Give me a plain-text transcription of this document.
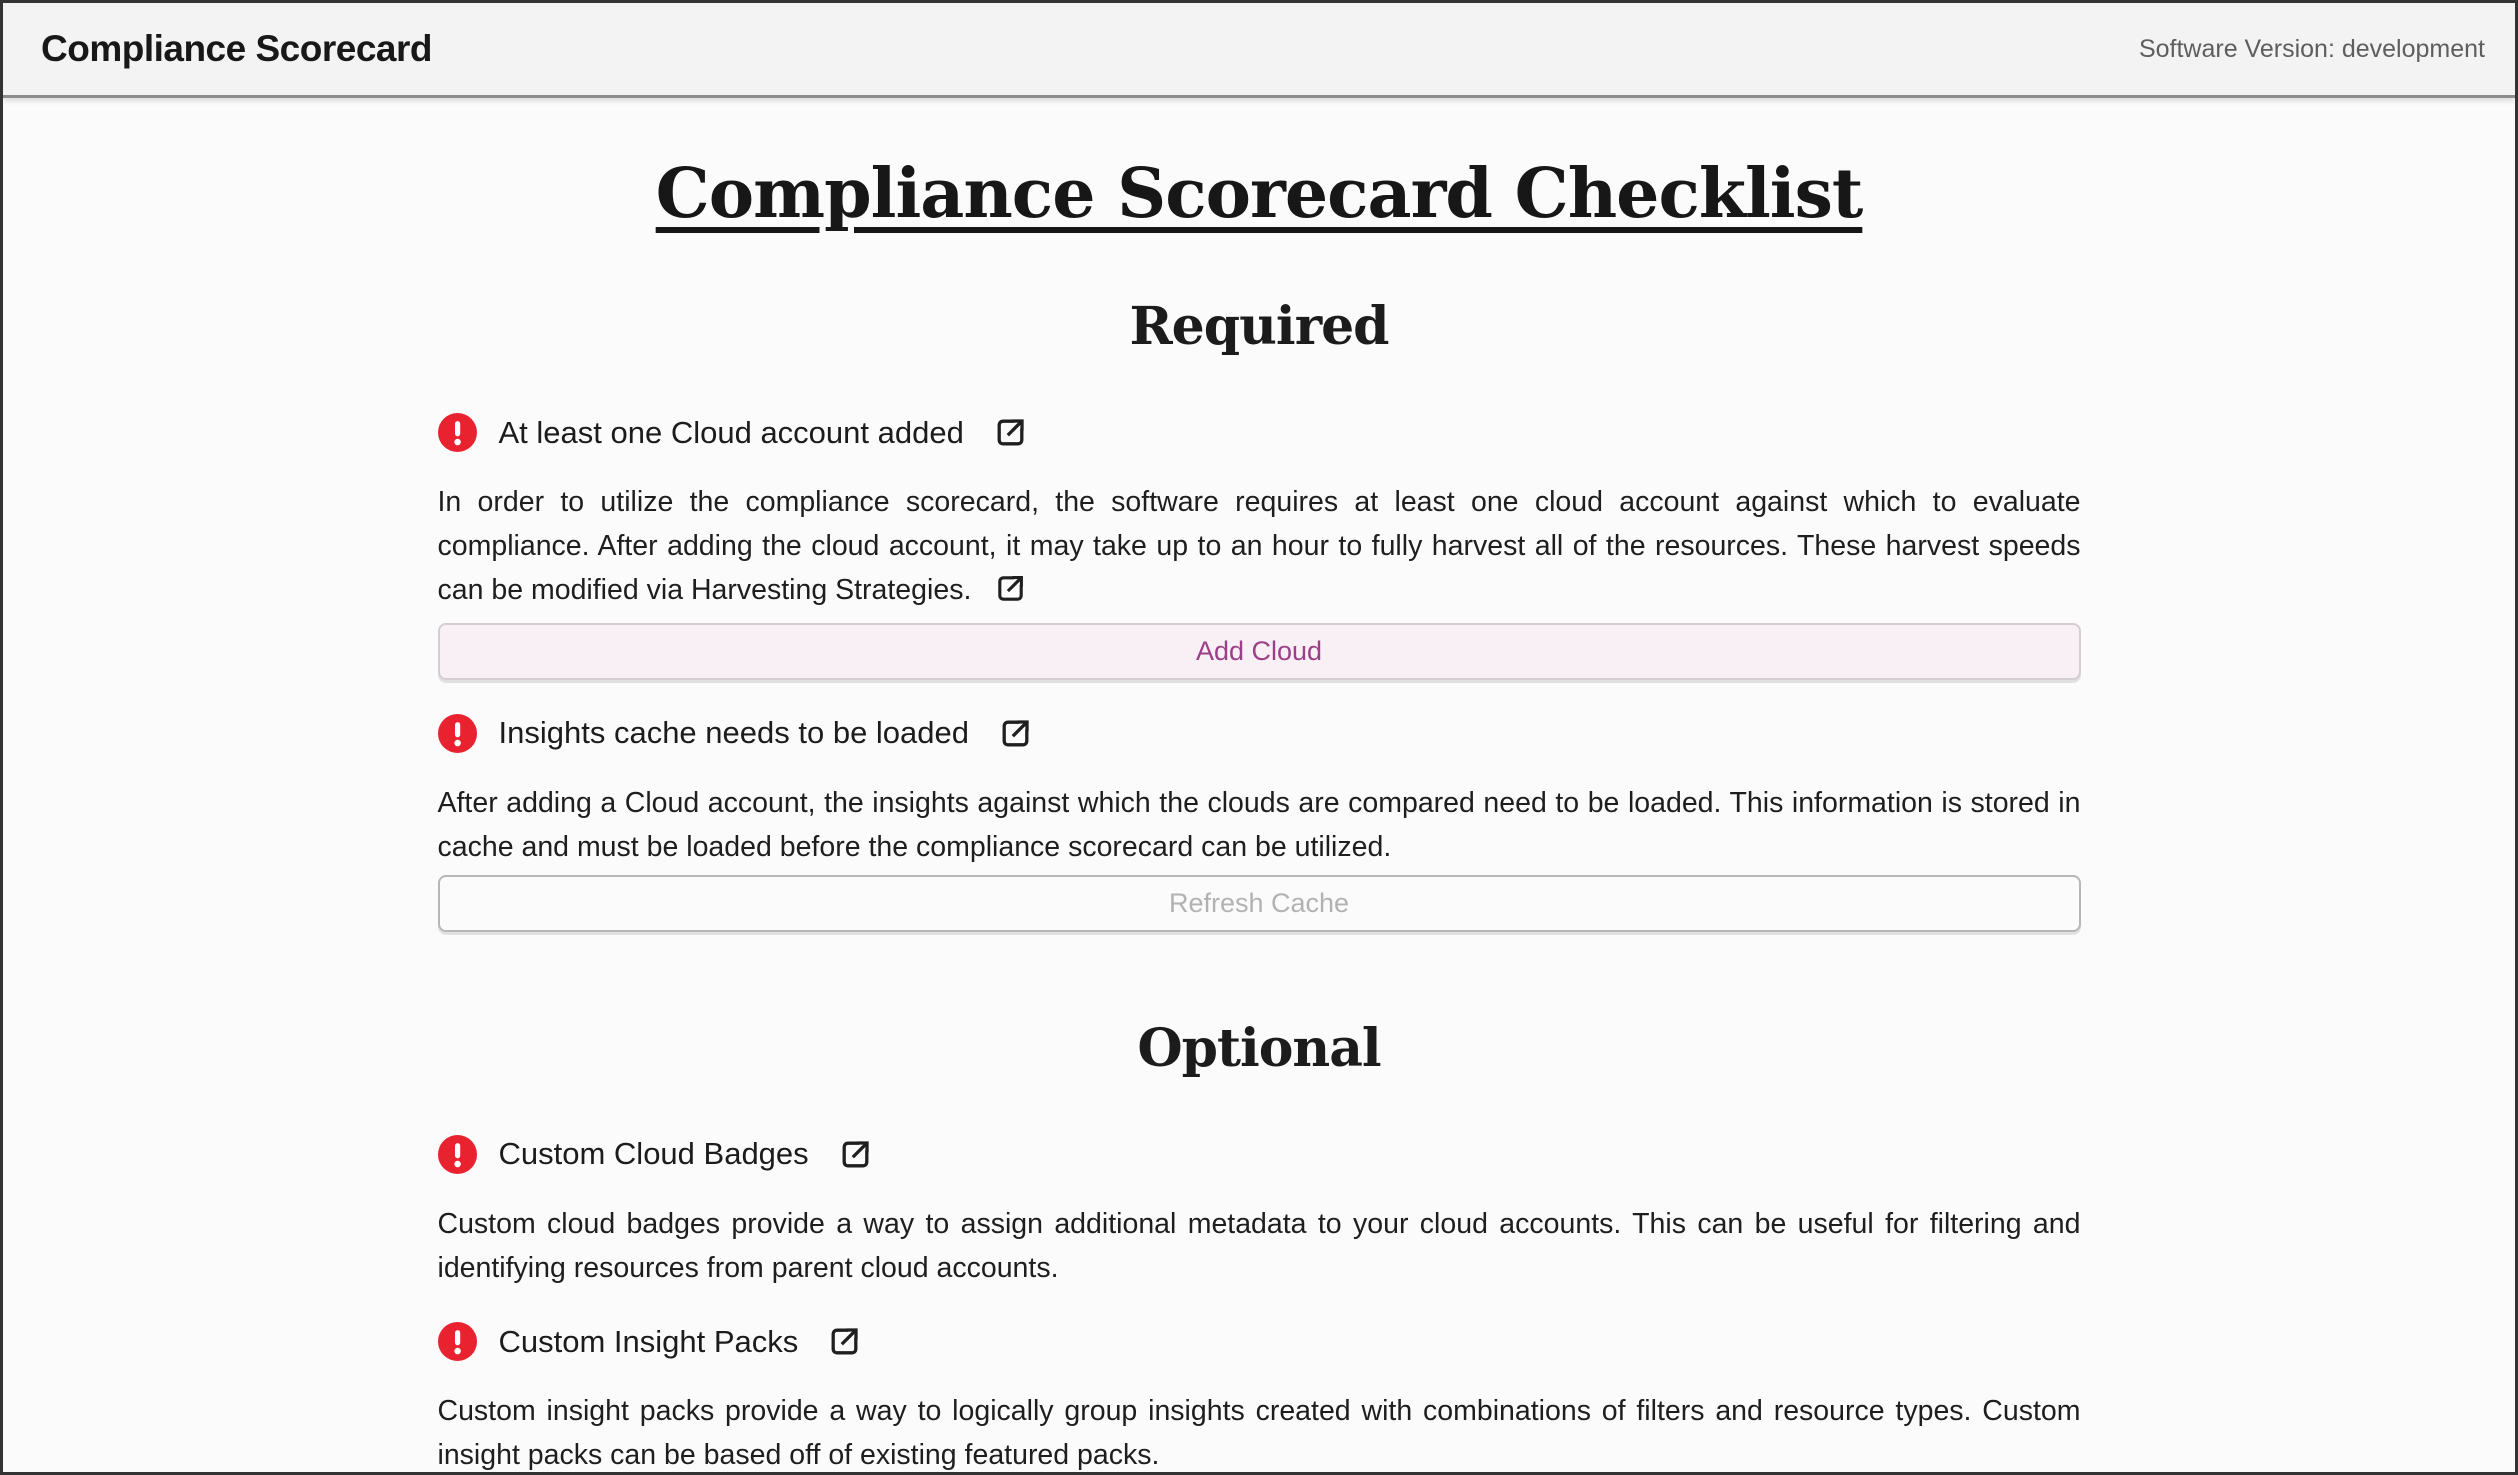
Compliance Scorecard	Software Version: development
Compliance Scorecard Checklist
Required
At least one Cloud account added

In order to utilize the compliance scorecard, the software requires at least one cloud account against which to evaluate compliance. After adding the cloud account, it may take up to an hour to fully harvest all of the resources. These harvest speeds can be modified via Harvesting Strategies.

Add Cloud
Insights cache needs to be loaded

After adding a Cloud account, the insights against which the clouds are compared need to be loaded. This information is stored in cache and must be loaded before the compliance scorecard can be utilized.

Refresh Cache
Optional
Custom Cloud Badges

Custom cloud badges provide a way to assign additional metadata to your cloud accounts. This can be useful for filtering and identifying resources from parent cloud accounts.

Custom Insight Packs

Custom insight packs provide a way to logically group insights created with combinations of filters and resource types. Custom insight packs can be based off of existing featured packs.
